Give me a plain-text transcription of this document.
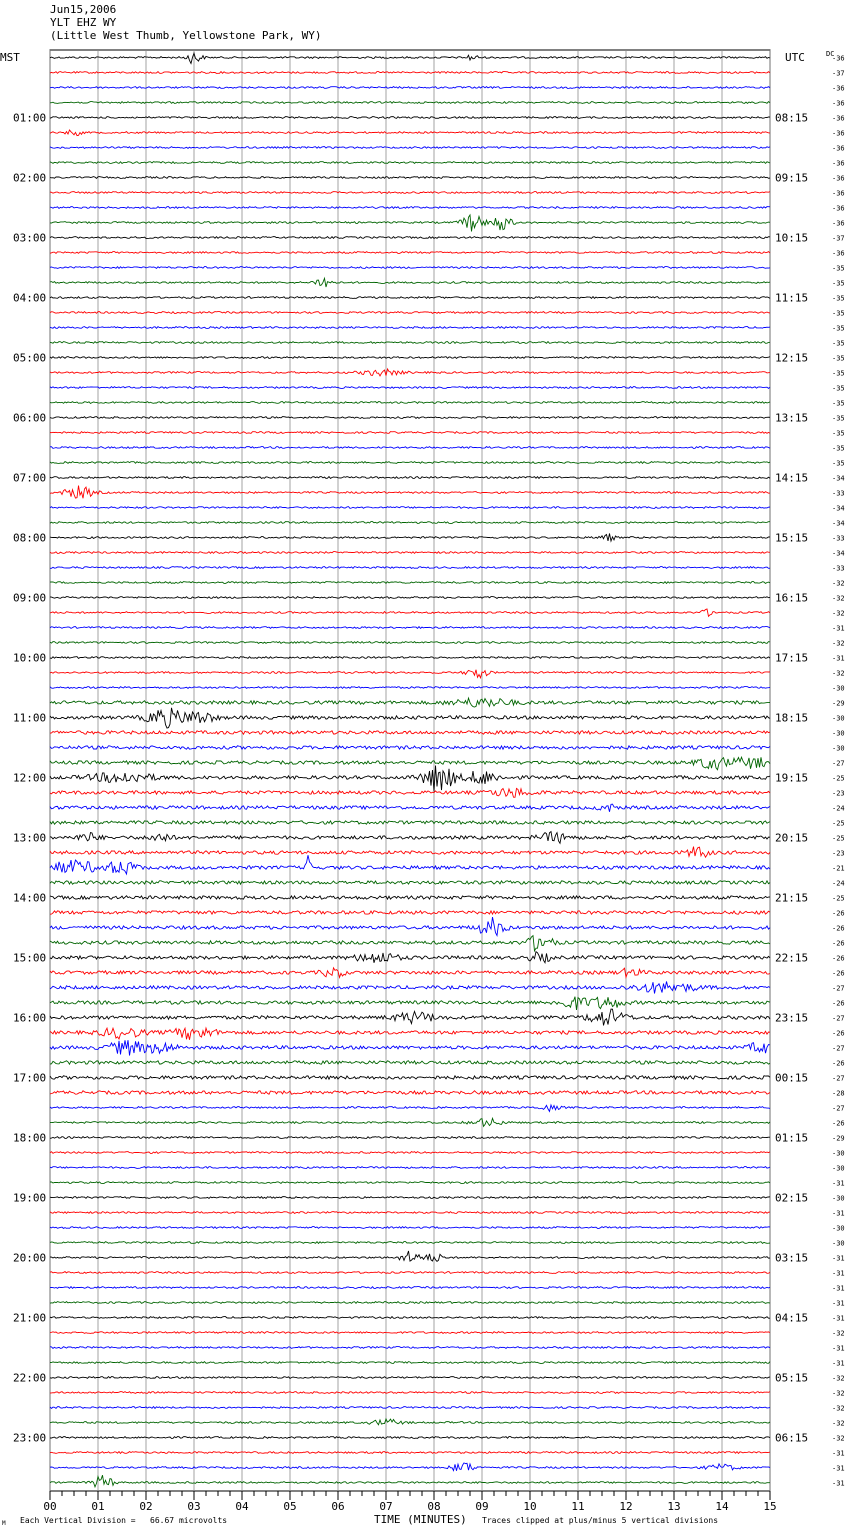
Jun15,2006
YLT EHZ WY
(Little West Thumb, Yellowstone Park, WY)
-36
-37
-36
-36
-36
-36
-36
-36
-36
-36
-36
-36
-37
-36
-35
-35
-35
-35
-35
-35
-35
-35
-35
-35
-35
-35
-35
-35
-34
-33
-34
-34
-33
-34
-33
-32
-32
-32
-31
-32
-31
-32
-30
-29
-30
-30
-30
-27
-25
-23
-24
-25
-25
-23
-21
-24
-25
-26
-26
-26
-26
-26
-27
-26
-27
-26
-27
-26
-27
-28
-27
-26
-29
-30
-30
-31
-30
-31
-30
-30
-31
-31
-31
-31
-31
-32
-31
-31
-32
-32
-32
-32
-32
-31
-31
-31
01:00
02:00
03:00
04:00
05:00
06:00
07:00
08:00
09:00
10:00
11:00
12:00
13:00
14:00
15:00
16:00
17:00
18:00
19:00
20:00
21:00
22:00
23:00
08:15
09:15
10:15
11:15
12:15
13:15
14:15
15:15
16:15
17:15
18:15
19:15
20:15
21:15
22:15
23:15
00:15
01:15
02:15
03:15
04:15
05:15
06:15
00	01	02	03	04	05	06	07	08	09	10	11	12	13	14	15
MST	UTC	DC
M Each Vertical Division =   66.67 microvolts	TIME (MINUTES) Traces clipped at plus/minus 5 vertical divisions
